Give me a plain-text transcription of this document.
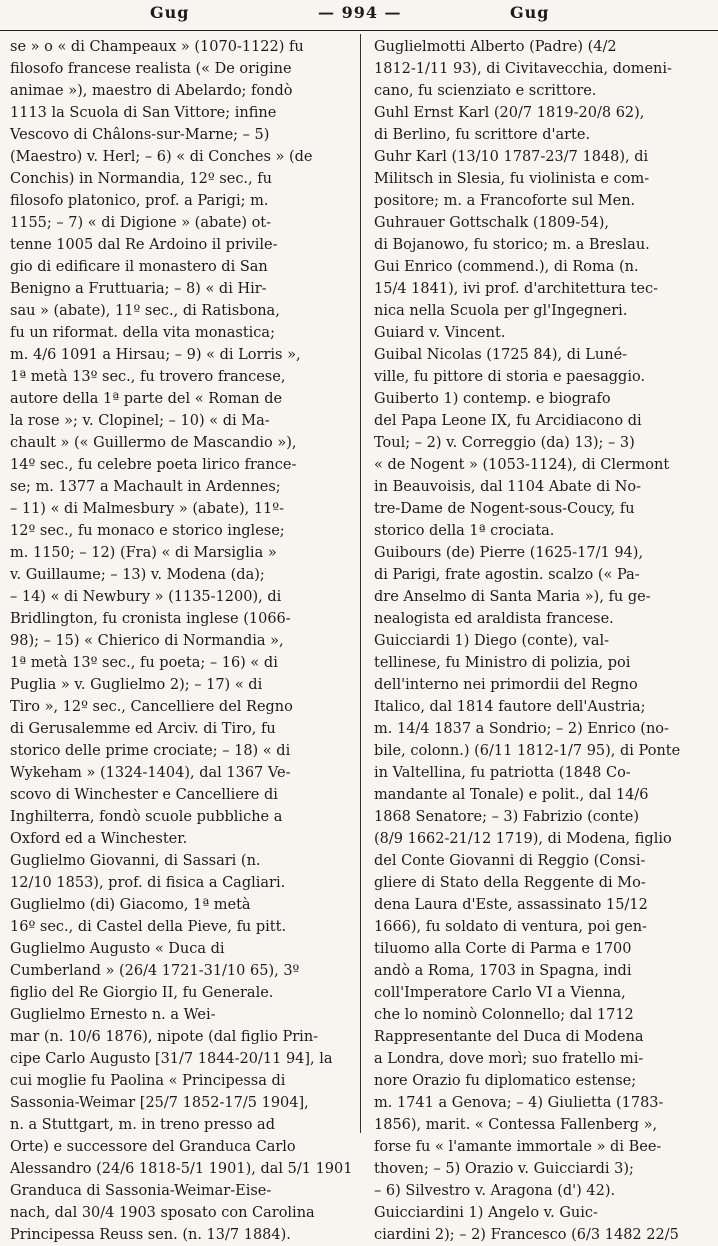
Gug	— 994 —	Gug
se » o « di Champeaux » (1070-1122) fu
filosofo francese realista (« De origine
animae »), maestro di Abelardo; fondò
1113 la Scuola di San Vittore; infine
Vescovo di Châlons-sur-Marne; – 5)
(Maestro) v. Herl; – 6) « di Conches » (de
Conchis) in Normandia, 12º sec., fu
filosofo platonico, prof. a Parigi; m.
1155; – 7) « di Digione » (abate) ot-
tenne 1005 dal Re Ardoino il privile-
gio di edificare il monastero di San
Benigno a Fruttuaria; – 8) « di Hir-
sau » (abate), 11º sec., di Ratisbona,
fu un riformat. della vita monastica;
m. 4/6 1091 a Hirsau; – 9) « di Lorris »,
1ª metà 13º sec., fu trovero francese,
autore della 1ª parte del « Roman de
la rose »; v. Clopinel; – 10) « di Ma-
chault » (« Guillermo de Mascandio »),
14º sec., fu celebre poeta lirico france-
se; m. 1377 a Machault in Ardennes;
– 11) « di Malmesbury » (abate), 11º-
12º sec., fu monaco e storico inglese;
m. 1150; – 12) (Fra) « di Marsiglia »
v. Guillaume; – 13) v. Modena (da);
– 14) « di Newbury » (1135-1200), di
Bridlington, fu cronista inglese (1066-
98); – 15) « Chierico di Normandia »,
1ª metà 13º sec., fu poeta; – 16) « di
Puglia » v. Guglielmo 2); – 17) « di
Tiro », 12º sec., Cancelliere del Regno
di Gerusalemme ed Arciv. di Tiro, fu
storico delle prime crociate; – 18) « di
Wykeham » (1324-1404), dal 1367 Ve-
scovo di Winchester e Cancelliere di
Inghilterra, fondò scuole pubbliche a
Oxford ed a Winchester.
Guglielmo Giovanni, di Sassari (n.
12/10 1853), prof. di fisica a Cagliari.
Guglielmo (di) Giacomo, 1ª metà
16º sec., di Castel della Pieve, fu pitt.
Guglielmo Augusto « Duca di
Cumberland » (26/4 1721-31/10 65), 3º
figlio del Re Giorgio II, fu Generale.
Guglielmo Ernesto n. a Wei-
mar (n. 10/6 1876), nipote (dal figlio Prin-
cipe Carlo Augusto [31/7 1844-20/11 94], la
cui moglie fu Paolina « Principessa di
Sassonia-Weimar [25/7 1852-17/5 1904],
n. a Stuttgart, m. in treno presso ad
Orte) e successore del Granduca Carlo
Alessandro (24/6 1818-5/1 1901), dal 5/1 1901
Granduca di Sassonia-Weimar-Eise-
nach, dal 30/4 1903 sposato con Carolina
Principessa Reuss sen. (n. 13/7 1884).
Guglielmotti Alberto (Padre) (4/2
1812-1/11 93), di Civitavecchia, domeni-
cano, fu scienziato e scrittore.
Guhl Ernst Karl (20/7 1819-20/8 62),
di Berlino, fu scrittore d'arte.
Guhr Karl (13/10 1787-23/7 1848), di
Militsch in Slesia, fu violinista e com-
positore; m. a Francoforte sul Men.
Guhrauer Gottschalk (1809-54),
di Bojanowo, fu storico; m. a Breslau.
Gui Enrico (commend.), di Roma (n.
15/4 1841), ivi prof. d'architettura tec-
nica nella Scuola per gl'Ingegneri.
Guiard v. Vincent.
Guibal Nicolas (1725 84), di Luné-
ville, fu pittore di storia e paesaggio.
Guiberto 1) contemp. e biografo
del Papa Leone IX, fu Arcidiacono di
Toul; – 2) v. Correggio (da) 13); – 3)
« de Nogent » (1053-1124), di Clermont
in Beauvoisis, dal 1104 Abate di No-
tre-Dame de Nogent-sous-Coucy, fu
storico della 1ª crociata.
Guibours (de) Pierre (1625-17/1 94),
di Parigi, frate agostin. scalzo (« Pa-
dre Anselmo di Santa Maria »), fu ge-
nealogista ed araldista francese.
Guicciardi 1) Diego (conte), val-
tellinese, fu Ministro di polizia, poi
dell'interno nei primordii del Regno
Italico, dal 1814 fautore dell'Austria;
m. 14/4 1837 a Sondrio; – 2) Enrico (no-
bile, colonn.) (6/11 1812-1/7 95), di Ponte
in Valtellina, fu patriotta (1848 Co-
mandante al Tonale) e polit., dal 14/6
1868 Senatore; – 3) Fabrizio (conte)
(8/9 1662-21/12 1719), di Modena, figlio
del Conte Giovanni di Reggio (Consi-
gliere di Stato della Reggente di Mo-
dena Laura d'Este, assassinato 15/12
1666), fu soldato di ventura, poi gen-
tiluomo alla Corte di Parma e 1700
andò a Roma, 1703 in Spagna, indi
coll'Imperatore Carlo VI a Vienna,
che lo nominò Colonnello; dal 1712
Rappresentante del Duca di Modena
a Londra, dove morì; suo fratello mi-
nore Orazio fu diplomatico estense;
m. 1741 a Genova; – 4) Giulietta (1783-
1856), marit. « Contessa Fallenberg »,
forse fu « l'amante immortale » di Bee-
thoven; – 5) Orazio v. Guicciardi 3);
– 6) Silvestro v. Aragona (d') 42).
Guicciardini 1) Angelo v. Guic-
ciardini 2); – 2) Francesco (6/3 1482 22/5
